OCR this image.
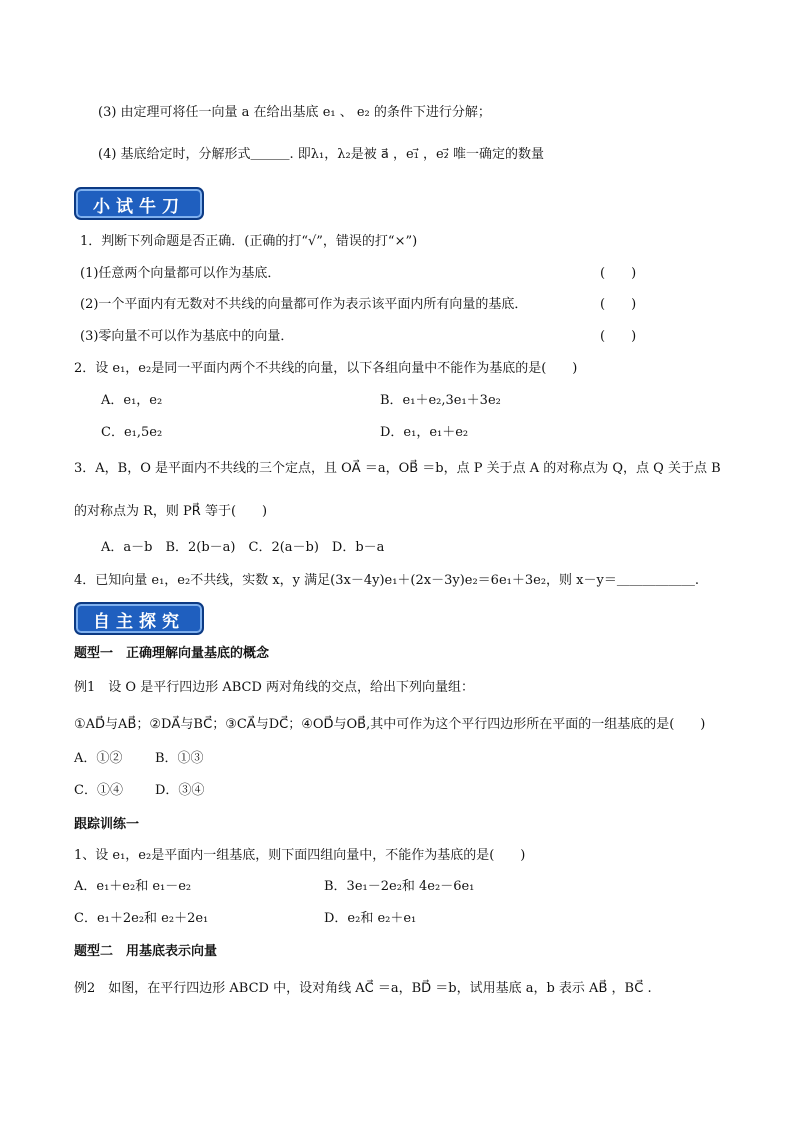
(3) 由定理可将任一向量 a 在给出基底 e₁ 、 e₂ 的条件下进行分解；
(4) 基底给定时，分解形式＿＿＿. 即λ₁，λ₂是被 a⃗ ，e₁⃗ ，e₂⃗ 唯一确定的数量
小试牛刀
1．判断下列命题是否正确．(正确的打“√”，错误的打“×”)
(1)任意两个向量都可以作为基底．	(　　)
(2)一个平面内有无数对不共线的向量都可作为表示该平面内所有向量的基底．	(　　)
(3)零向量不可以作为基底中的向量．	(　　)
2．设 e₁，e₂是同一平面内两个不共线的向量，以下各组向量中不能作为基底的是(　　)
A．e₁，e₂	B．e₁＋e₂,3e₁＋3e₂
C．e₁,5e₂	D．e₁，e₁＋e₂
3．A，B，O 是平面内不共线的三个定点，且 OA⃗ ＝a，OB⃗ ＝b，点 P 关于点 A 的对称点为 Q，点 Q 关于点 B
的对称点为 R，则 PR⃗ 等于(　　)
A．a－b　B．2(b－a)　C．2(a－b)　D．b－a
4．已知向量 e₁，e₂不共线，实数 x，y 满足(3x－4y)e₁＋(2x－3y)e₂＝6e₁＋3e₂，则 x－y＝＿＿＿＿＿＿.
自主探究
题型一　正确理解向量基底的概念
例1　设 O 是平行四边形 ABCD 两对角线的交点，给出下列向量组：
①AD⃗与AB⃗；②DA⃗与BC⃗；③CA⃗与DC⃗；④OD⃗与OB⃗,其中可作为这个平行四边形所在平面的一组基底的是(　　)
A．①②	B．①③
C．①④ D．③④
跟踪训练一
1、设 e₁，e₂是平面内一组基底，则下面四组向量中，不能作为基底的是(　　)
A．e₁＋e₂和 e₁－e₂	B．3e₁－2e₂和 4e₂－6e₁
C．e₁＋2e₂和 e₂＋2e₁	D．e₂和 e₂＋e₁
题型二　用基底表示向量
例2　如图，在平行四边形 ABCD 中，设对角线 AC⃗ ＝a，BD⃗ ＝b，试用基底 a，b 表示 AB⃗ ，BC⃗ .
